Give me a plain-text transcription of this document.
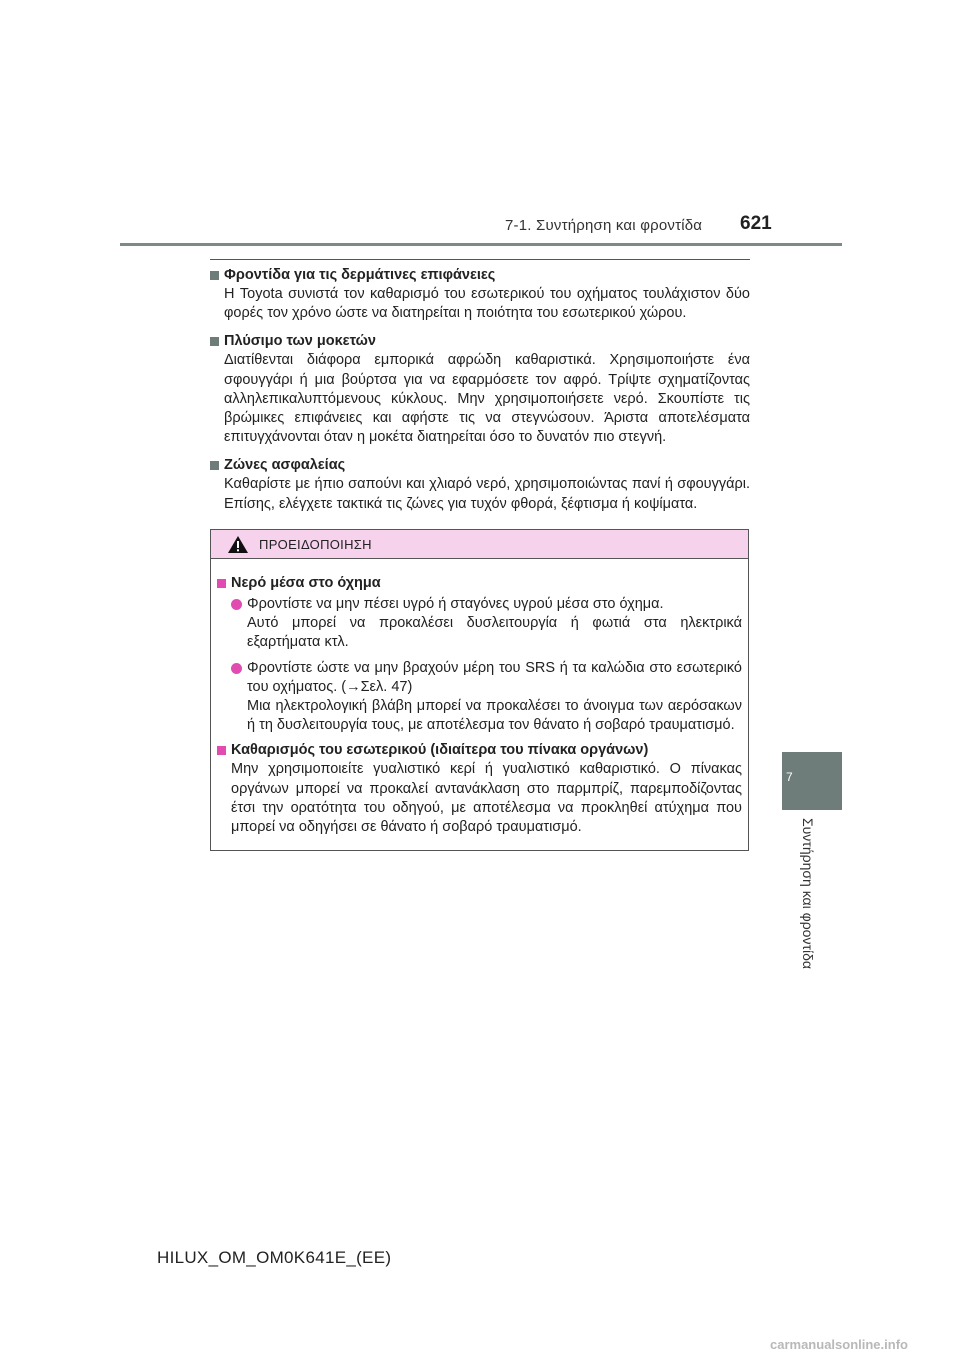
7-1. Συντήρηση και φροντίδα 621
7
Συντήρηση και φροντίδα
Φροντίδα για τις δερμάτινες επιφάνειες
Η Toyota συνιστά τον καθαρισμό του εσωτερικού του οχήματος τουλάχιστον δύο φορές τον χρόνο ώστε να διατηρείται η ποιότητα του εσωτερικού χώρου.
Πλύσιμο των μοκετών
Διατίθενται διάφορα εμπορικά αφρώδη καθαριστικά. Χρησιμοποιήστε ένα σφουγγάρι ή μια βούρτσα για να εφαρμόσετε τον αφρό. Τρίψτε σχηματίζοντας αλληλεπικαλυπτόμενους κύκλους. Μην χρησιμοποιήσετε νερό. Σκουπίστε τις βρώμικες επιφάνειες και αφήστε τις να στεγνώσουν. Άριστα αποτελέσματα επιτυγχάνονται όταν η μοκέτα διατηρείται όσο το δυνατόν πιο στεγνή.
Ζώνες ασφαλείας
Καθαρίστε με ήπιο σαπούνι και χλιαρό νερό, χρησιμοποιώντας πανί ή σφουγγάρι. Επίσης, ελέγχετε τακτικά τις ζώνες για τυχόν φθορά, ξέφτισμα ή κοψίματα.
ΠΡΟΕΙΔΟΠΟΙΗΣΗ
Νερό μέσα στο όχημα
Φροντίστε να μην πέσει υγρό ή σταγόνες υγρού μέσα στο όχημα.
Αυτό μπορεί να προκαλέσει δυσλειτουργία ή φωτιά στα ηλεκτρικά εξαρτήματα κτλ.
Φροντίστε ώστε να μην βραχούν μέρη του SRS ή τα καλώδια στο εσωτερικό του οχήματος. (→Σελ. 47)
Μια ηλεκτρολογική βλάβη μπορεί να προκαλέσει το άνοιγμα των αερόσακων ή τη δυσλειτουργία τους, με αποτέλεσμα τον θάνατο ή σοβαρό τραυματισμό.
Καθαρισμός του εσωτερικού (ιδιαίτερα του πίνακα οργάνων)
Μην χρησιμοποιείτε γυαλιστικό κερί ή γυαλιστικό καθαριστικό. Ο πίνακας οργάνων μπορεί να προκαλεί αντανάκλαση στο παρμπρίζ, παρεμποδίζοντας έτσι την ορατότητα του οδηγού, με αποτέλεσμα να προκληθεί ατύχημα που μπορεί να οδηγήσει σε θάνατο ή σοβαρό τραυματισμό.
HILUX_OM_OM0K641E_(EE)
carmanualsonline.info
